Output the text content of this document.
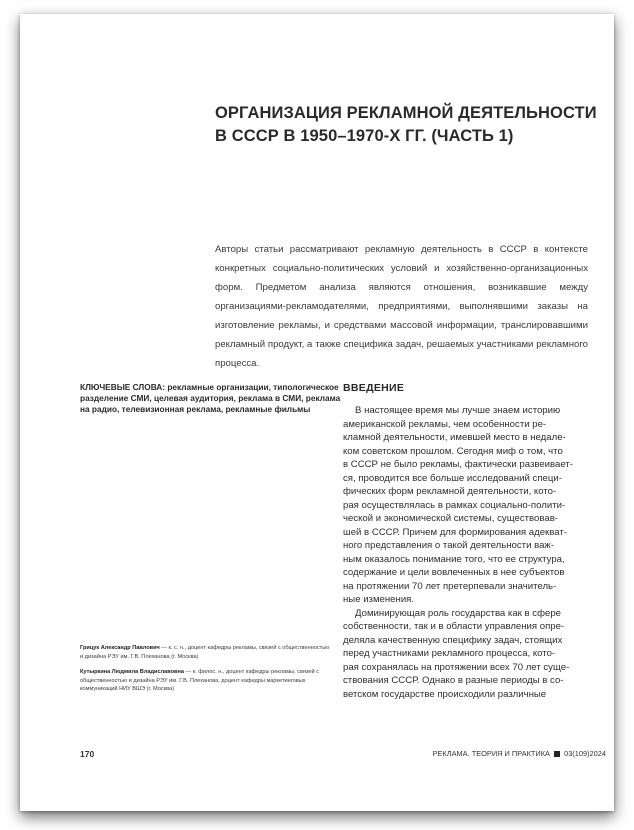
ОРГАНИЗАЦИЯ РЕКЛАМНОЙ ДЕЯТЕЛЬНОСТИ
В СССР В 1950–1970-Х ГГ. (ЧАСТЬ 1)
Авторы статьи рассматривают рекламную деятельность в СССР в контексте конкретных социально-политических условий и хозяйственно-организационных форм. Предметом анализа являются отношения, возникавшие между организациями-рекламодателями, предприятиями, выполнявшими заказы на изготовление рекламы, и средствами массовой информации, транслировавшими рекламный продукт, а также специфика задач, решаемых участниками рекламного процесса.
КЛЮЧЕВЫЕ СЛОВА: рекламные организации, типологическое разделение СМИ, целевая аудитория, реклама в СМИ, реклама на радио, телевизионная реклама, рекламные фильмы
ВВЕДЕНИЕ
В настоящее время мы лучше знаем историю
американской рекламы, чем особенности ре-
кламной деятельности, имевшей место в недале-
ком советском прошлом. Сегодня миф о том, что
в СССР не было рекламы, фактически развеивает-
ся, проводится все больше исследований специ-
фических форм рекламной деятельности, кото-
рая осуществлялась в рамках социально-полити-
ческой и экономической системы, существовав-
шей в СССР. Причем для формирования адекват-
ного представления о такой деятельности важ-
ным оказалось понимание того, что ее структура,
содержание и цели вовлеченных в нее субъектов
на протяжении 70 лет претерпевали значитель-
ные изменения.
Доминирующая роль государства как в сфере
собственности, так и в области управления опре-
деляла качественную специфику задач, стоящих
перед участниками рекламного процесса, кото-
рая сохранялась на протяжении всех 70 лет суще-
ствования СССР. Однако в разные периоды в со-
ветском государстве происходили различные
Грицук Александр Павлович — к. с. н., доцент кафедры рекламы, связей с общественностью и дизайна РЭУ им. Г.В. Плеханова (г. Москва)
Кутыркина Людмила Владиславовна — к. филос. н., доцент кафедры рекламы, связей с общественностью и дизайна РЭУ им. Г.В. Плеханова, доцент кафедры маркетинговых коммуникаций НИУ ВШЭ (г. Москва)
170	РЕКЛАМА. ТЕОРИЯ И ПРАКТИКА 03(109)2024
